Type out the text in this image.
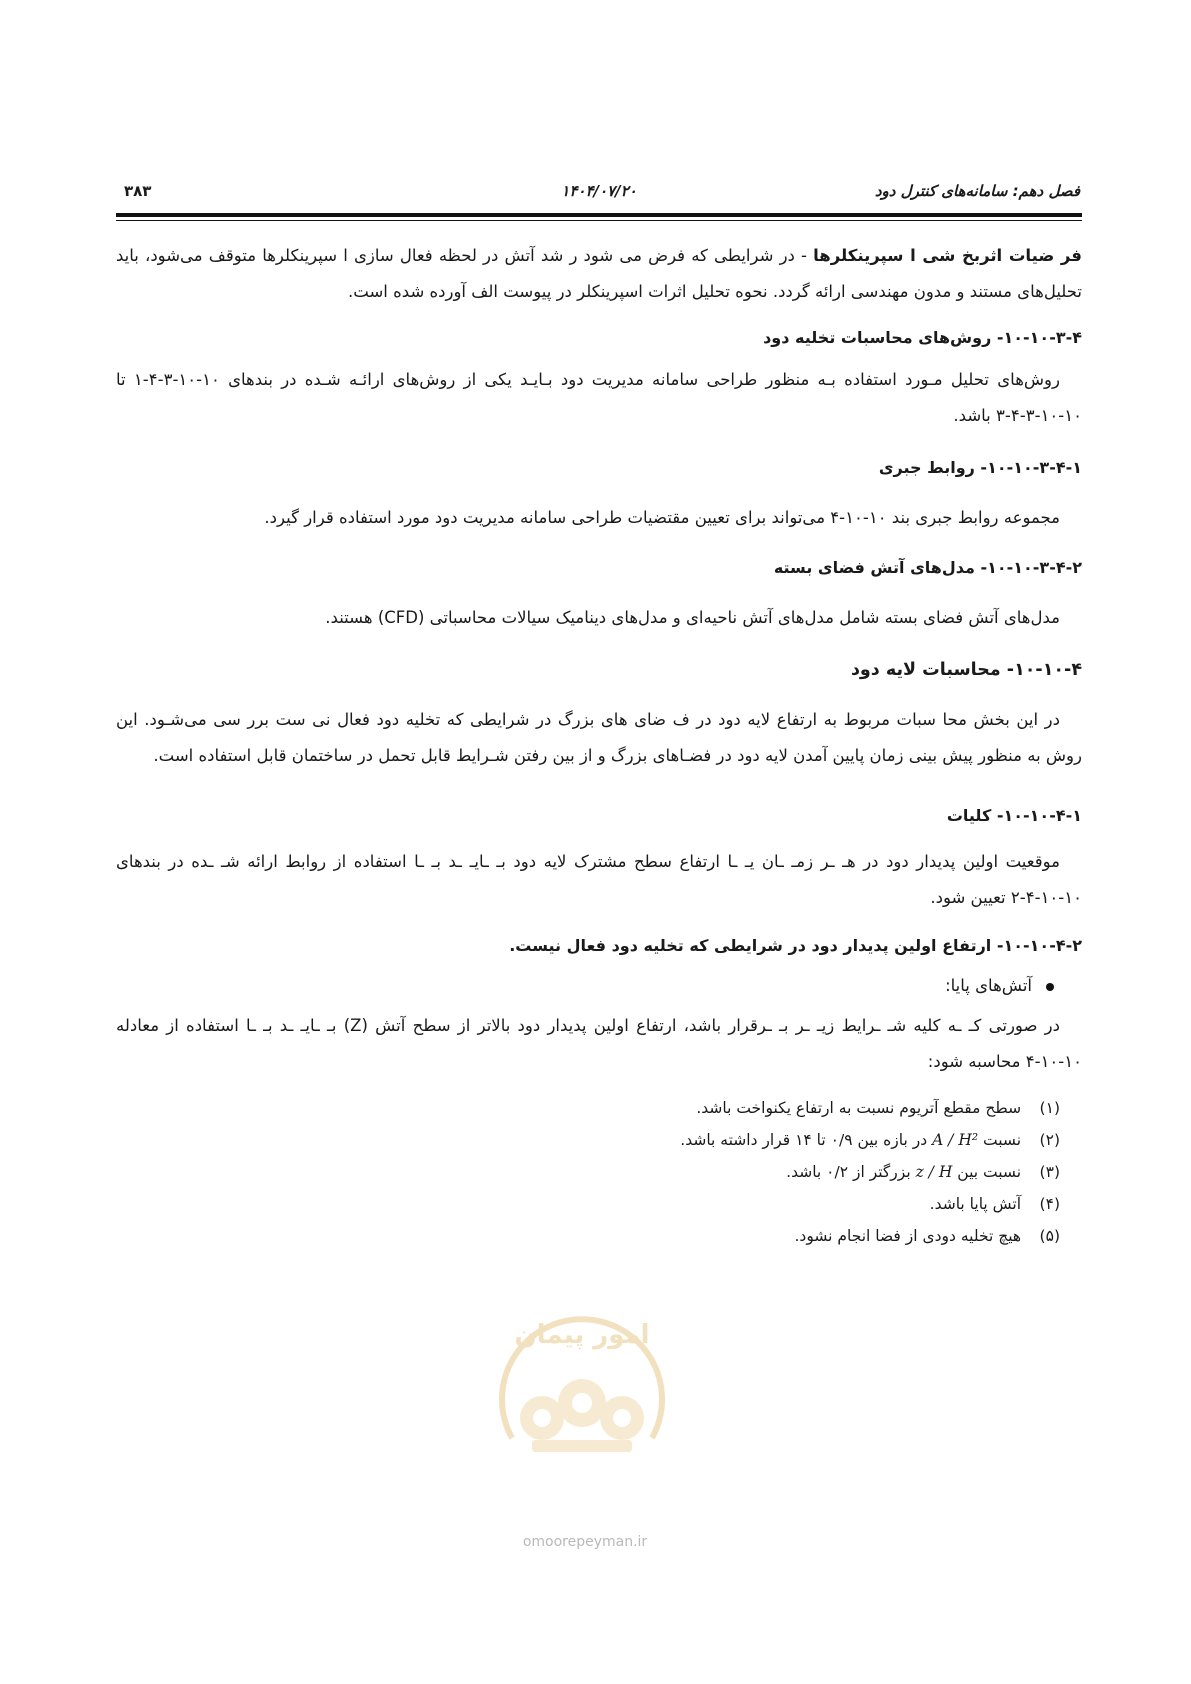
فصل دهم: سامانه‌های کنترل دود
۱۴۰۴/۰۷/۲۰
۳۸۳

فر ضیات اثربخ شی ا سپرینکلرها - در شرایطی که فرض می شود ر شد آتش در لحظه فعال سازی ا سپرینکلرها متوقف می‌شود، باید تحلیل‌های مستند و مدون مهندسی ارائه گردد. نحوه تحلیل اثرات اسپرینکلر در پیوست الف آورده شده است.

۱۰-۱۰-۳-۴- روش‌های محاسبات تخلیه دود

روش‌های تحلیل مـورد استفاده بـه منظور طراحی سامانه مدیریت دود بـایـد یکی از روش‌های ارائـه شـده در بندهای ۱۰-۱۰-۳-۴-۱ تا ۱۰-۱۰-۳-۴-۳ باشد.

۱۰-۱۰-۳-۴-۱- روابط جبری

مجموعه روابط جبری بند ۱۰-۱۰-۴ می‌تواند برای تعیین مقتضیات طراحی سامانه مدیریت دود مورد استفاده قرار گیرد.

۱۰-۱۰-۳-۴-۲- مدل‌های آتش فضای بسته

مدل‌های آتش فضای بسته شامل مدل‌های آتش ناحیه‌ای و مدل‌های دینامیک سیالات محاسباتی (CFD) هستند.

۱۰-۱۰-۴- محاسبات لایه دود

در این بخش محا سبات مربوط به ارتفاع لایه دود در ف ضای های بزرگ در شرایطی که تخلیه دود فعال نی ست برر سی می‌شـود. این روش به منظور پیش بینی زمان پایین آمدن لایه دود در فضـاهای بزرگ و از بین رفتن شـرایط قابل تحمل در ساختمان قابل استفاده است.

۱۰-۱۰-۴-۱- کلیات

موقعیت اولین پدیدار دود در هـ ـر زمـ ـان یـ ـا ارتفاع سطح مشترک لایه دود بـ ـایـ ـد بـ ـا استفاده از روابط ارائه شـ ـده در بندهای ۱۰-۱۰-۴-۲ تعیین شود.

۱۰-۱۰-۴-۲- ارتفاع اولین پدیدار دود در شرایطی که تخلیه دود فعال نیست.

آتش‌های پایا:

در صورتی کـ ـه کلیه شـ ـرایط زیـ ـر بـ ـرقرار باشد، ارتفاع اولین پدیدار دود بالاتر از سطح آتش (Z) بـ ـایـ ـد بـ ـا استفاده از معادله ۱۰-۱۰-۴ محاسبه شود:

(۱) سطح مقطع آتریوم نسبت به ارتفاع یکنواخت باشد.
(۲) نسبت A / H² در بازه بین ۰/۹ تا ۱۴ قرار داشته باشد.
(۳) نسبت بین z / H بزرگتر از ۰/۲ باشد.
(۴) آتش پایا باشد.
(۵) هیچ تخلیه دودی از فضا انجام نشود.
امور پیمان
omoorepeyman.ir
